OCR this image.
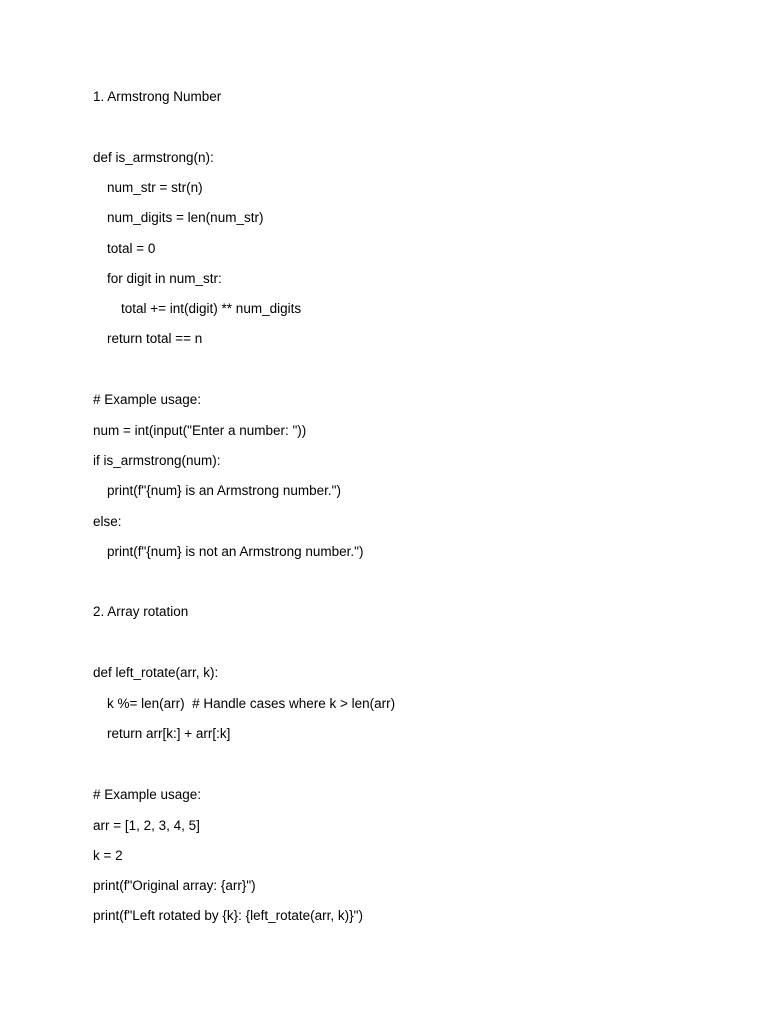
1. Armstrong Number
def is_armstrong(n):
num_str = str(n)
num_digits = len(num_str)
total = 0
for digit in num_str:
total += int(digit) ** num_digits
return total == n
# Example usage:
num = int(input("Enter a number: "))
if is_armstrong(num):
print(f"{num} is an Armstrong number.")
else:
print(f"{num} is not an Armstrong number.")
2. Array rotation
def left_rotate(arr, k):
k %= len(arr)  # Handle cases where k > len(arr)
return arr[k:] + arr[:k]
# Example usage:
arr = [1, 2, 3, 4, 5]
k = 2
print(f"Original array: {arr}")
print(f"Left rotated by {k}: {left_rotate(arr, k)}")
